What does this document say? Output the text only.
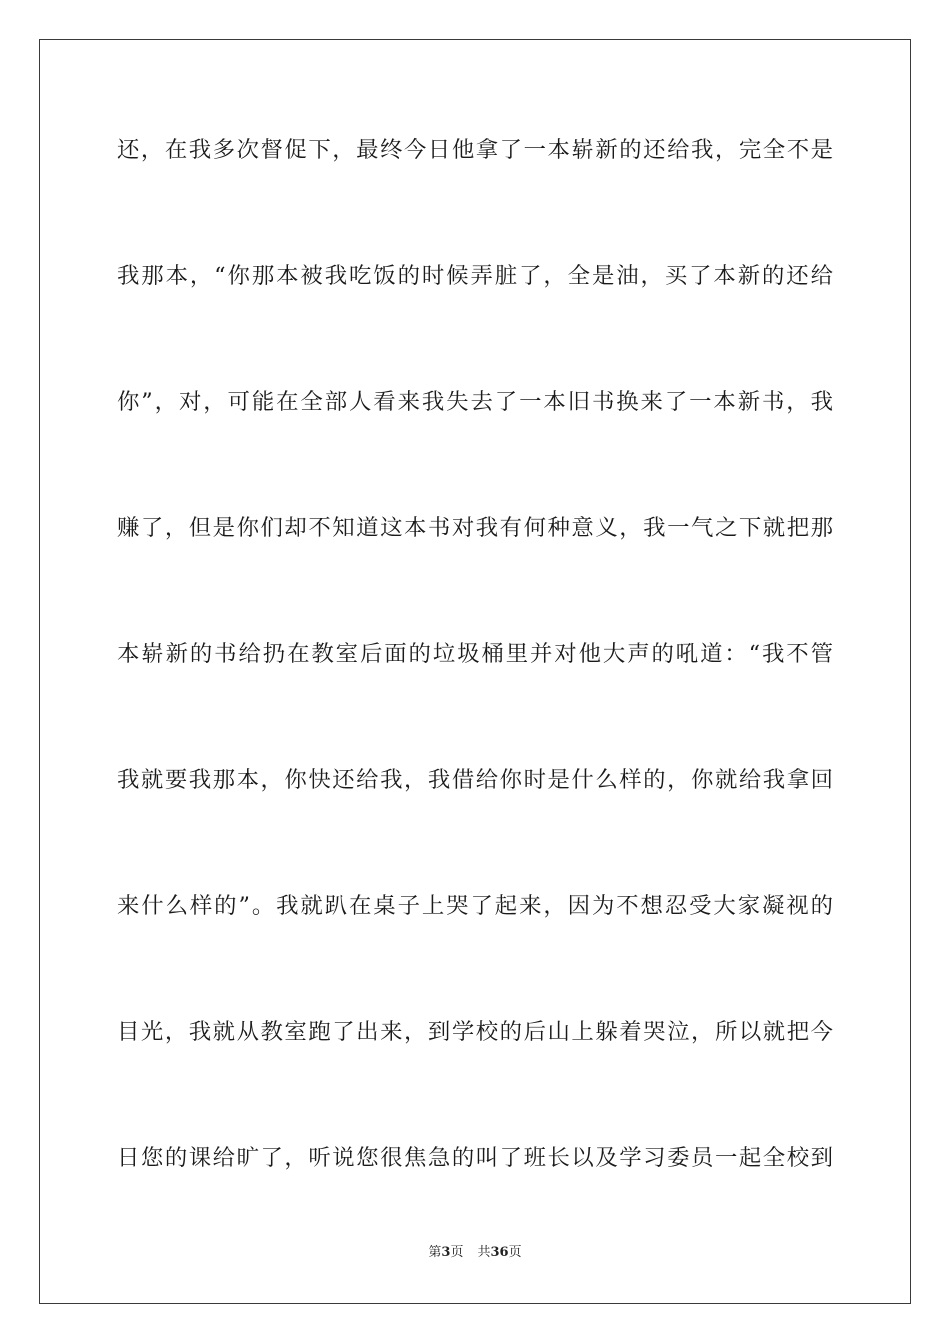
还，在我多次督促下，最终今日他拿了一本崭新的还给我，完全不是
我那本，“你那本被我吃饭的时候弄脏了，全是油，买了本新的还给
你”，对，可能在全部人看来我失去了一本旧书换来了一本新书，我
赚了，但是你们却不知道这本书对我有何种意义，我一气之下就把那
本崭新的书给扔在教室后面的垃圾桶里并对他大声的吼道：“我不管
我就要我那本，你快还给我，我借给你时是什么样的，你就给我拿回
来什么样的”。我就趴在桌子上哭了起来，因为不想忍受大家凝视的
目光，我就从教室跑了出来，到学校的后山上躲着哭泣，所以就把今
日您的课给旷了，听说您很焦急的叫了班长以及学习委员一起全校到
第3页 共36页
